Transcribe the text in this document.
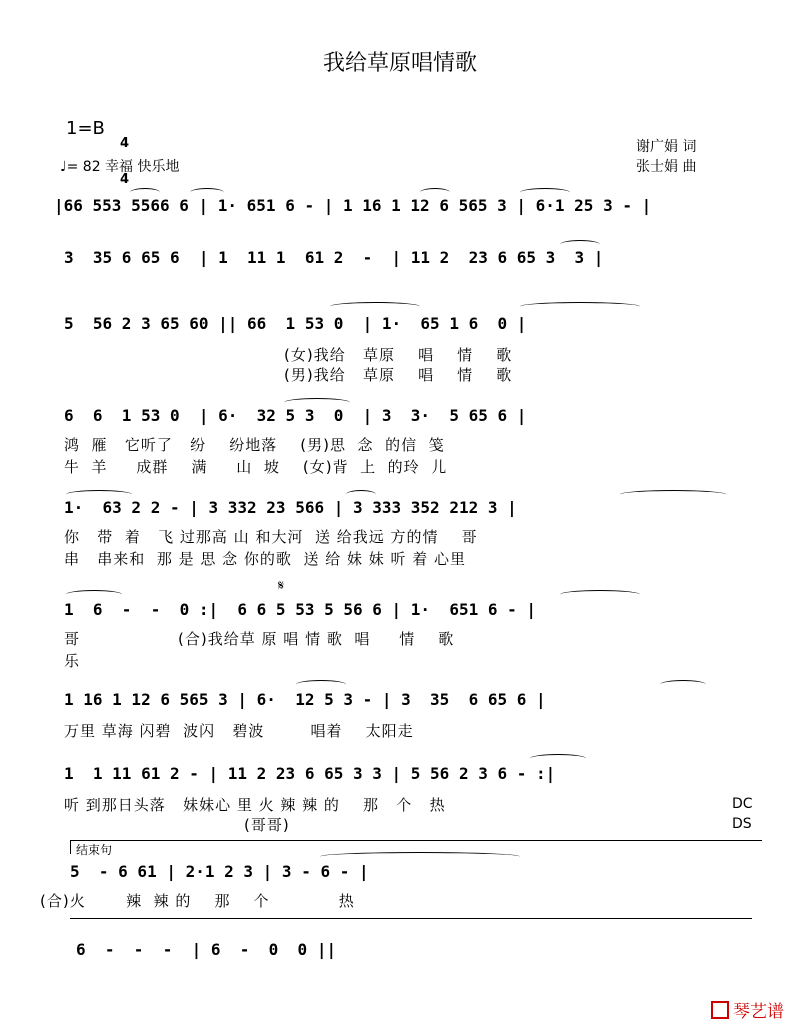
我给草原唱情歌
1=B

4

4

♩= 82 幸福 快乐地
谢广娟 词
张士娟 曲
|66 553 5566 6 | 1· 651 6 - | 1 16 1 12 6 565 3 | 6·1 25 3 - |
3  35 6 65 6  | 1  11 1  61 2  -  | 11 2  23 6 65 3  3 |
5  56 2 3 65 60 || 66  1 53 0  | 1·  65 1 6  0 |
(女)我给   草原    唱    情    歌
(男)我给   草原    唱    情    歌
6  6  1 53 0  | 6·  32 5 3  0  | 3  3·  5 65 6 |
鸿  雁   它听了   纷    纷地落    (男)思  念  的信  笺
牛  羊     成群    满     山  坡    (女)背  上  的玲  儿
1·  63 2 2 - | 3 332 23 566 | 3 333 352 212 3 |
你   带  着   飞 过那高 山 和大河  送 给我远 方的情    哥
串   串来和  那 是 思 念 你的歌  送 给 妹 妹 听 着 心里
𝄋
1  6  -  -  0 :|  6 6 5 53 5 56 6 | 1·  651 6 - |
哥                 (合)我给草 原 唱 情 歌  唱     情    歌
乐
1 16 1 12 6 565 3 | 6·  12 5 3 - | 3  35  6 65 6 |
万里 草海 闪碧  波闪   碧波        唱着    太阳走
1  1 11 61 2 - | 11 2 23 6 65 3 3 | 5 56 2 3 6 - :|
听 到那日头落   妹妹心 里 火 辣 辣 的    那   个   热
(哥哥)
DC
DS
结束句
5  - 6 61 | 2·1 2 3 | 3 - 6 - |
(合)火       辣  辣 的    那    个            热
6  -  -  -  | 6  -  0  0 ||
琴艺谱
